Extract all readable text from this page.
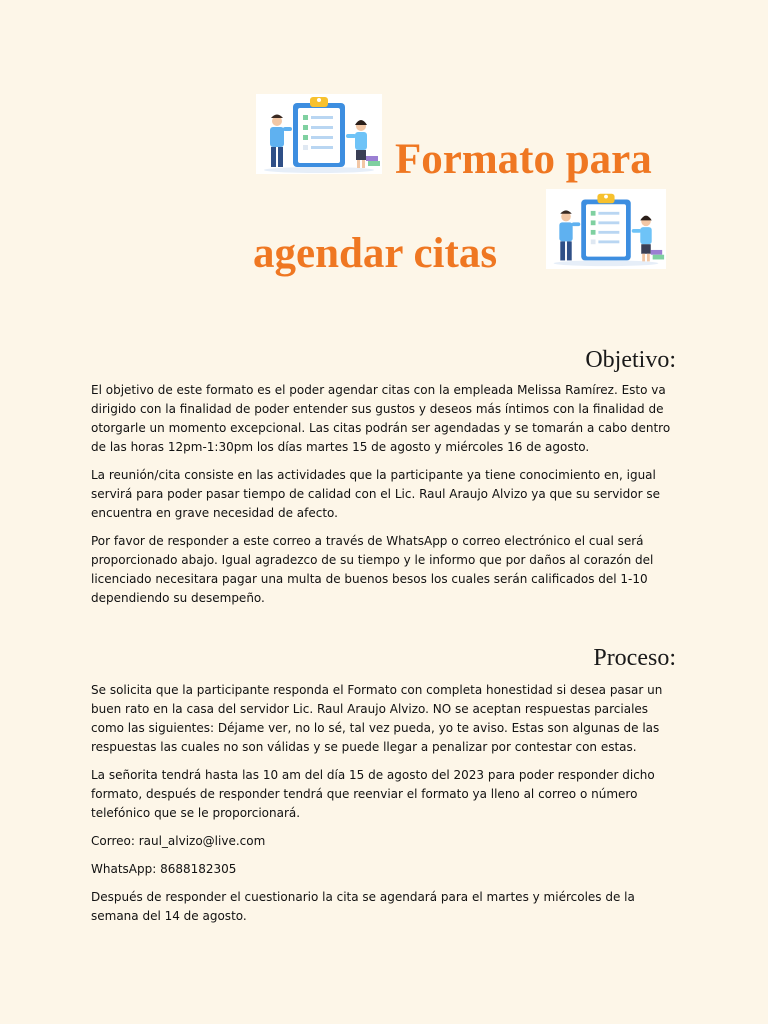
Formato para
agendar citas
Objetivo:

El objetivo de este formato es el poder agendar citas con la empleada Melissa Ramírez. Esto va dirigido con la finalidad de poder entender sus gustos y deseos más íntimos con la finalidad de otorgarle un momento excepcional. Las citas podrán ser agendadas y se tomarán a cabo dentro de las horas 12pm-1:30pm los días martes 15 de agosto y miércoles 16 de agosto.

La reunión/cita consiste en las actividades que la participante ya tiene conocimiento en, igual servirá para poder pasar tiempo de calidad con el Lic. Raul Araujo Alvizo ya que su servidor se encuentra en grave necesidad de afecto.

Por favor de responder a este correo a través de WhatsApp o correo electrónico el cual será proporcionado abajo. Igual agradezco de su tiempo y le informo que por daños al corazón del licenciado necesitara pagar una multa de buenos besos los cuales serán calificados del 1-10 dependiendo su desempeño.

Proceso:

Se solicita que la participante responda el Formato con completa honestidad si desea pasar un buen rato en la casa del servidor Lic. Raul Araujo Alvizo. NO se aceptan respuestas parciales como las siguientes: Déjame ver, no lo sé, tal vez pueda, yo te aviso. Estas son algunas de las respuestas las cuales no son válidas y se puede llegar a penalizar por contestar con estas.

La señorita tendrá hasta las 10 am del día 15 de agosto del 2023 para poder responder dicho formato, después de responder tendrá que reenviar el formato ya lleno al correo o número telefónico que se le proporcionará.

Correo: raul_alvizo@live.com

WhatsApp: 8688182305

Después de responder el cuestionario la cita se agendará para el martes y miércoles de la semana del 14 de agosto.
